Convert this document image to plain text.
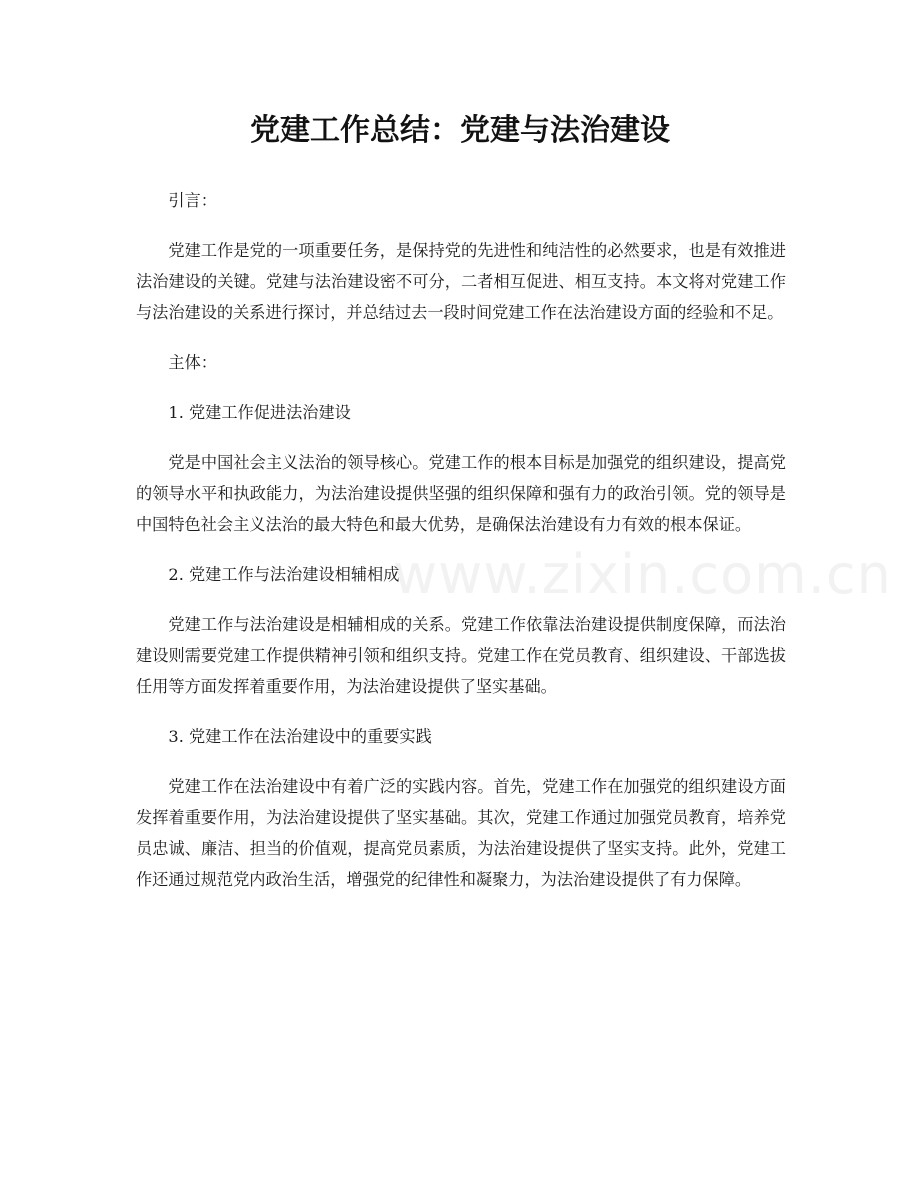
党建工作总结：党建与法治建设

引言：

党建工作是党的一项重要任务，是保持党的先进性和纯洁性的必然要求，也是有效推进法治建设的关键。党建与法治建设密不可分，二者相互促进、相互支持。本文将对党建工作与法治建设的关系进行探讨，并总结过去一段时间党建工作在法治建设方面的经验和不足。

主体：

1. 党建工作促进法治建设

党是中国社会主义法治的领导核心。党建工作的根本目标是加强党的组织建设，提高党的领导水平和执政能力，为法治建设提供坚强的组织保障和强有力的政治引领。党的领导是中国特色社会主义法治的最大特色和最大优势，是确保法治建设有力有效的根本保证。

2. 党建工作与法治建设相辅相成

党建工作与法治建设是相辅相成的关系。党建工作依靠法治建设提供制度保障，而法治建设则需要党建工作提供精神引领和组织支持。党建工作在党员教育、组织建设、干部选拔任用等方面发挥着重要作用，为法治建设提供了坚实基础。

3. 党建工作在法治建设中的重要实践

党建工作在法治建设中有着广泛的实践内容。首先，党建工作在加强党的组织建设方面发挥着重要作用，为法治建设提供了坚实基础。其次，党建工作通过加强党员教育，培养党员忠诚、廉洁、担当的价值观，提高党员素质，为法治建设提供了坚实支持。此外，党建工作还通过规范党内政治生活，增强党的纪律性和凝聚力，为法治建设提供了有力保障。

www.zixin.com.cn
